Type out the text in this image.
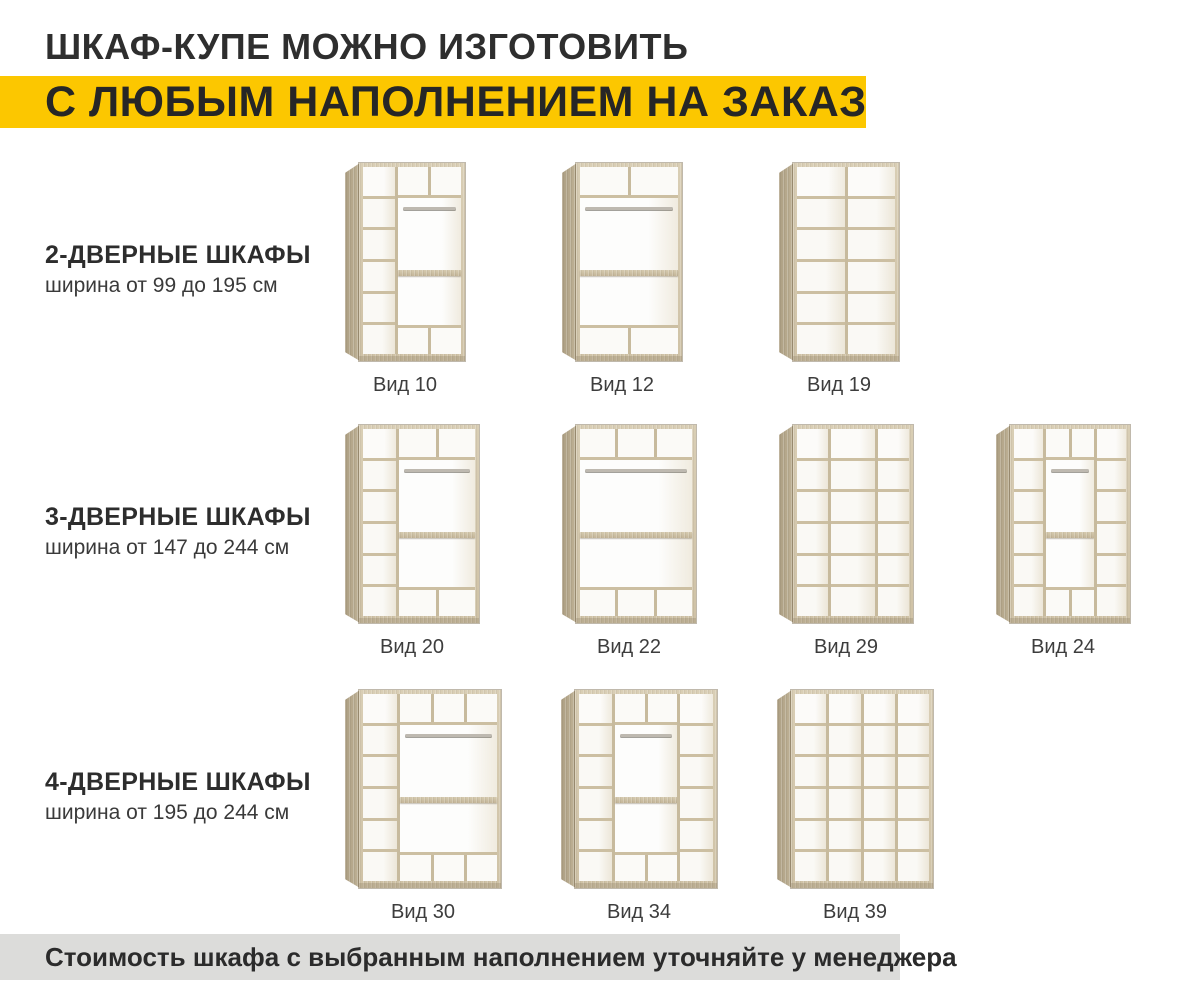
ШКАФ-КУПЕ МОЖНО ИЗГОТОВИТЬ
С ЛЮБЫМ НАПОЛНЕНИЕМ НА ЗАКАЗ
2-ДВЕРНЫЕ ШКАФЫ
ширина от 99 до 195 см
Вид 10	Вид 12	Вид 19
3-ДВЕРНЫЕ ШКАФЫ
ширина от 147 до 244 см
Вид 20	Вид 22	Вид 29	Вид 24
4-ДВЕРНЫЕ ШКАФЫ
ширина от 195 до 244 см
Вид 30	Вид 34	Вид 39
Стоимость шкафа с выбранным наполнением уточняйте у менеджера
